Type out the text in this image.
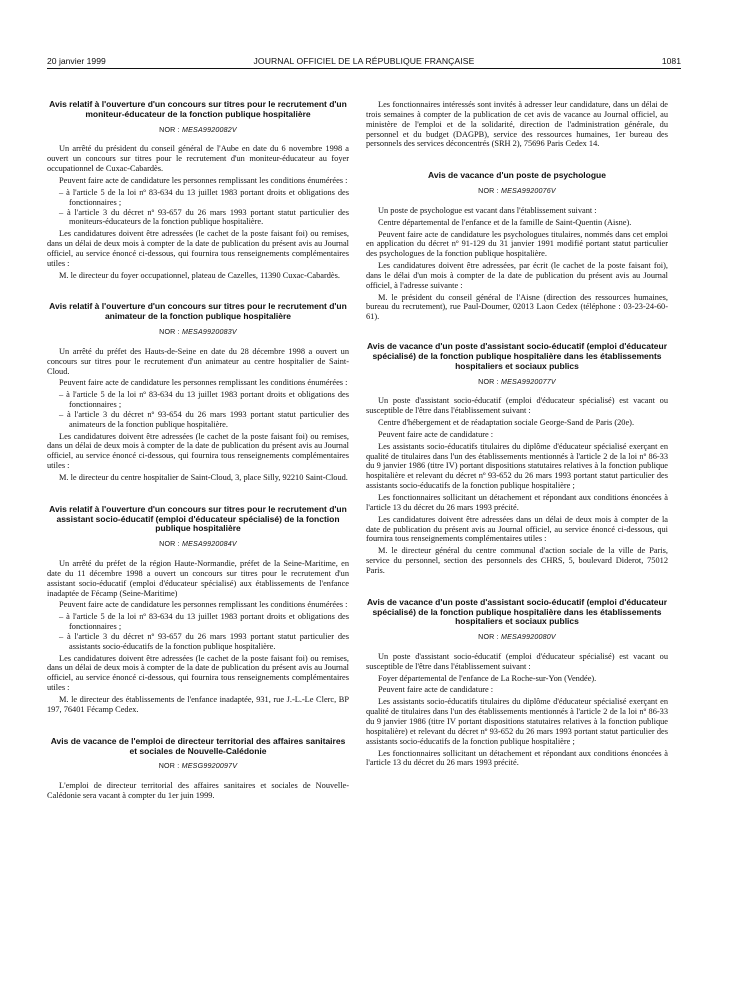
20 janvier 1999	JOURNAL OFFICIEL DE LA RÉPUBLIQUE FRANÇAISE	1081
Avis relatif à l'ouverture d'un concours sur titres pour le recrutement d'un moniteur-éducateur de la fonction publique hospitalière
NOR : MESA9920082V

Un arrêté du président du conseil général de l'Aube en date du 6 novembre 1998 a ouvert un concours sur titres pour le recrutement d'un moniteur-éducateur au foyer occupationnel de Cuxac-Cabardès.

Peuvent faire acte de candidature les personnes remplissant les conditions énumérées :

– à l'article 5 de la loi nº 83-634 du 13 juillet 1983 portant droits et obligations des fonctionnaires ;
– à l'article 3 du décret nº 93-657 du 26 mars 1993 portant statut particulier des moniteurs-éducateurs de la fonction publique hospitalière.

Les candidatures doivent être adressées (le cachet de la poste faisant foi) ou remises, dans un délai de deux mois à compter de la date de publication du présent avis au Journal officiel, au service énoncé ci-dessous, qui fournira tous renseignements complémentaires utiles :

M. le directeur du foyer occupationnel, plateau de Cazelles, 11390 Cuxac-Cabardès.

Avis relatif à l'ouverture d'un concours sur titres pour le recrutement d'un animateur de la fonction publique hospitalière
NOR : MESA9920083V

Un arrêté du préfet des Hauts-de-Seine en date du 28 décembre 1998 a ouvert un concours sur titres pour le recrutement d'un animateur au centre hospitalier de Saint-Cloud.

Peuvent faire acte de candidature les personnes remplissant les conditions énumérées :

– à l'article 5 de la loi nº 83-634 du 13 juillet 1983 portant droits et obligations des fonctionnaires ;
– à l'article 3 du décret nº 93-654 du 26 mars 1993 portant statut particulier des animateurs de la fonction publique hospitalière.

Les candidatures doivent être adressées (le cachet de la poste faisant foi) ou remises, dans un délai de deux mois à compter de la date de publication du présent avis au Journal officiel, au service énoncé ci-dessous, qui fournira tous renseignements complémentaires utiles :

M. le directeur du centre hospitalier de Saint-Cloud, 3, place Silly, 92210 Saint-Cloud.

Avis relatif à l'ouverture d'un concours sur titres pour le recrutement d'un assistant socio-éducatif (emploi d'éducateur spécialisé) de la fonction publique hospitalière
NOR : MESA9920084V

Un arrêté du préfet de la région Haute-Normandie, préfet de la Seine-Maritime, en date du 11 décembre 1998 a ouvert un concours sur titres pour le recrutement d'un assistant socio-éducatif (emploi d'éducateur spécialisé) aux établissements de l'enfance inadaptée de Fécamp (Seine-Maritime)

Peuvent faire acte de candidature les personnes remplissant les conditions énumérées :

– à l'article 5 de la loi nº 83-634 du 13 juillet 1983 portant droits et obligations des fonctionnaires ;
– à l'article 3 du décret nº 93-657 du 26 mars 1993 portant statut particulier des assistants socio-éducatifs de la fonction publique hospitalière.

Les candidatures doivent être adressées (le cachet de la poste faisant foi) ou remises, dans un délai de deux mois à compter de la date de publication du présent avis au Journal officiel, au service énoncé ci-dessous, qui fournira tous renseignements complémentaires utiles :

M. le directeur des établissements de l'enfance inadaptée, 931, rue J.-L.-Le Clerc, BP 197, 76401 Fécamp Cedex.

Avis de vacance de l'emploi de directeur territorial des affaires sanitaires et sociales de Nouvelle-Calédonie
NOR : MESG9920097V

L'emploi de directeur territorial des affaires sanitaires et sociales de Nouvelle-Calédonie sera vacant à compter du 1er juin 1999.

Les fonctionnaires intéressés sont invités à adresser leur candidature, dans un délai de trois semaines à compter de la publication de cet avis de vacance au Journal officiel, au ministère de l'emploi et de la solidarité, direction de l'administration générale, du personnel et du budget (DAGPB), service des ressources humaines, 1er bureau des personnels des services déconcentrés (SRH 2), 75696 Paris Cedex 14.

Avis de vacance d'un poste de psychologue
NOR : MESA9920076V

Un poste de psychologue est vacant dans l'établissement suivant :

Centre départemental de l'enfance et de la famille de Saint-Quentin (Aisne).

Peuvent faire acte de candidature les psychologues titulaires, nommés dans cet emploi en application du décret nº 91-129 du 31 janvier 1991 modifié portant statut particulier des psychologues de la fonction publique hospitalière.

Les candidatures doivent être adressées, par écrit (le cachet de la poste faisant foi), dans le délai d'un mois à compter de la date de publication du présent avis au Journal officiel, à l'adresse suivante :

M. le président du conseil général de l'Aisne (direction des ressources humaines, bureau du recrutement), rue Paul-Doumer, 02013 Laon Cedex (téléphone : 03-23-24-60-61).

Avis de vacance d'un poste d'assistant socio-éducatif (emploi d'éducateur spécialisé) de la fonction publique hospitalière dans les établissements hospitaliers et sociaux publics
NOR : MESA9920077V

Un poste d'assistant socio-éducatif (emploi d'éducateur spécialisé) est vacant ou susceptible de l'être dans l'établissement suivant :

Centre d'hébergement et de réadaptation sociale George-Sand de Paris (20e).

Peuvent faire acte de candidature :

Les assistants socio-éducatifs titulaires du diplôme d'éducateur spécialisé exerçant en qualité de titulaires dans l'un des établissements mentionnés à l'article 2 de la loi nº 86-33 du 9 janvier 1986 (titre IV) portant dispositions statutaires relatives à la fonction publique hospitalière et relevant du décret nº 93-652 du 26 mars 1993 portant statut particulier des assistants socio-éducatifs de la fonction publique hospitalière ;

Les fonctionnaires sollicitant un détachement et répondant aux conditions énoncées à l'article 13 du décret du 26 mars 1993 précité.

Les candidatures doivent être adressées dans un délai de deux mois à compter de la date de publication du présent avis au Journal officiel, au service énoncé ci-dessous, qui fournira tous renseignements complémentaires utiles :

M. le directeur général du centre communal d'action sociale de la ville de Paris, service du personnel, section des personnels des CHRS, 5, boulevard Diderot, 75012 Paris.

Avis de vacance d'un poste d'assistant socio-éducatif (emploi d'éducateur spécialisé) de la fonction publique hospitalière dans les établissements hospitaliers et sociaux publics
NOR : MESA9920080V

Un poste d'assistant socio-éducatif (emploi d'éducateur spécialisé) est vacant ou susceptible de l'être dans l'établissement suivant :

Foyer départemental de l'enfance de La Roche-sur-Yon (Vendée).

Peuvent faire acte de candidature :

Les assistants socio-éducatifs titulaires du diplôme d'éducateur spécialisé exerçant en qualité de titulaires dans l'un des établissements mentionnés à l'article 2 de la loi nº 86-33 du 9 janvier 1986 (titre IV portant dispositions statutaires relatives à la fonction publique hospitalière) et relevant du décret nº 93-652 du 26 mars 1993 portant statut particulier des assistants socio-éducatifs de la fonction publique hospitalière ;

Les fonctionnaires sollicitant un détachement et répondant aux conditions énoncées à l'article 13 du décret du 26 mars 1993 précité.
